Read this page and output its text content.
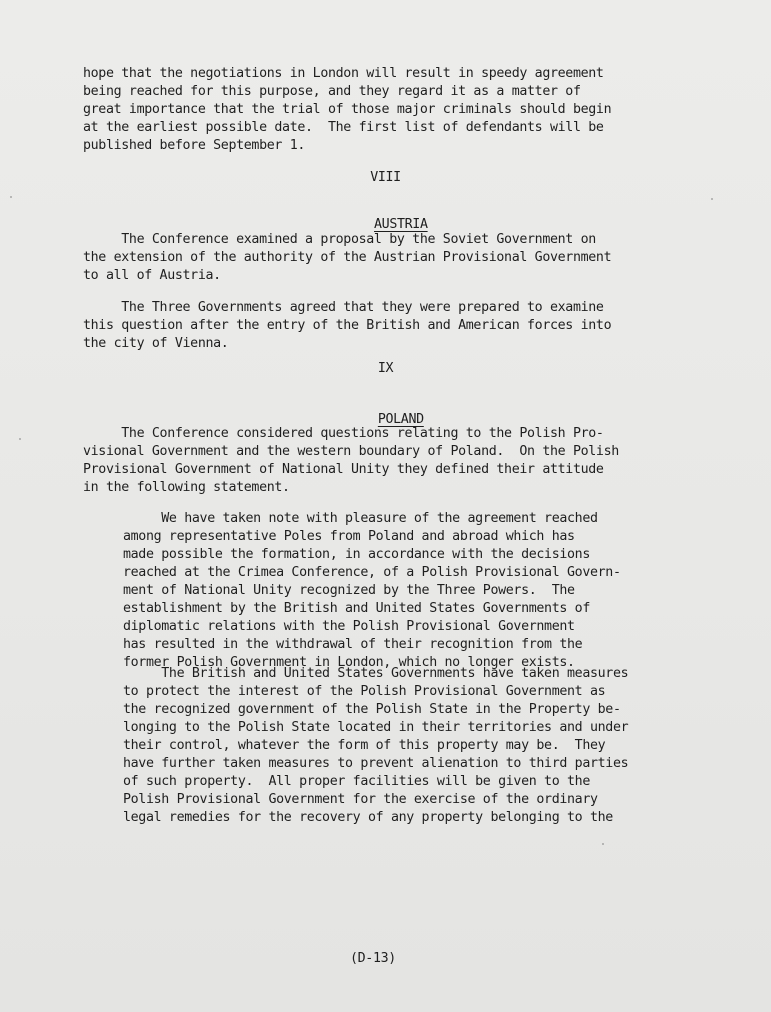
hope that the negotiations in London will result in speedy agreement
being reached for this purpose, and they regard it as a matter of
great importance that the trial of those major criminals should begin
at the earliest possible date.  The first list of defendants will be
published before September 1.
VIII

AUSTRIA

The Conference examined a proposal by the Soviet Government on
the extension of the authority of the Austrian Provisional Government
to all of Austria.
The Three Governments agreed that they were prepared to examine
this question after the entry of the British and American forces into
the city of Vienna.
IX

POLAND

The Conference considered questions relating to the Polish Pro-
visional Government and the western boundary of Poland.  On the Polish
Provisional Government of National Unity they defined their attitude
in the following statement.
We have taken note with pleasure of the agreement reached
among representative Poles from Poland and abroad which has
made possible the formation, in accordance with the decisions
reached at the Crimea Conference, of a Polish Provisional Govern-
ment of National Unity recognized by the Three Powers.  The
establishment by the British and United States Governments of
diplomatic relations with the Polish Provisional Government
has resulted in the withdrawal of their recognition from the
former Polish Government in London, which no longer exists.
The British and United States Governments have taken measures
to protect the interest of the Polish Provisional Government as
the recognized government of the Polish State in the Property be-
longing to the Polish State located in their territories and under
their control, whatever the form of this property may be.  They
have further taken measures to prevent alienation to third parties
of such property.  All proper facilities will be given to the
Polish Provisional Government for the exercise of the ordinary
legal remedies for the recovery of any property belonging to the
(D-13)
